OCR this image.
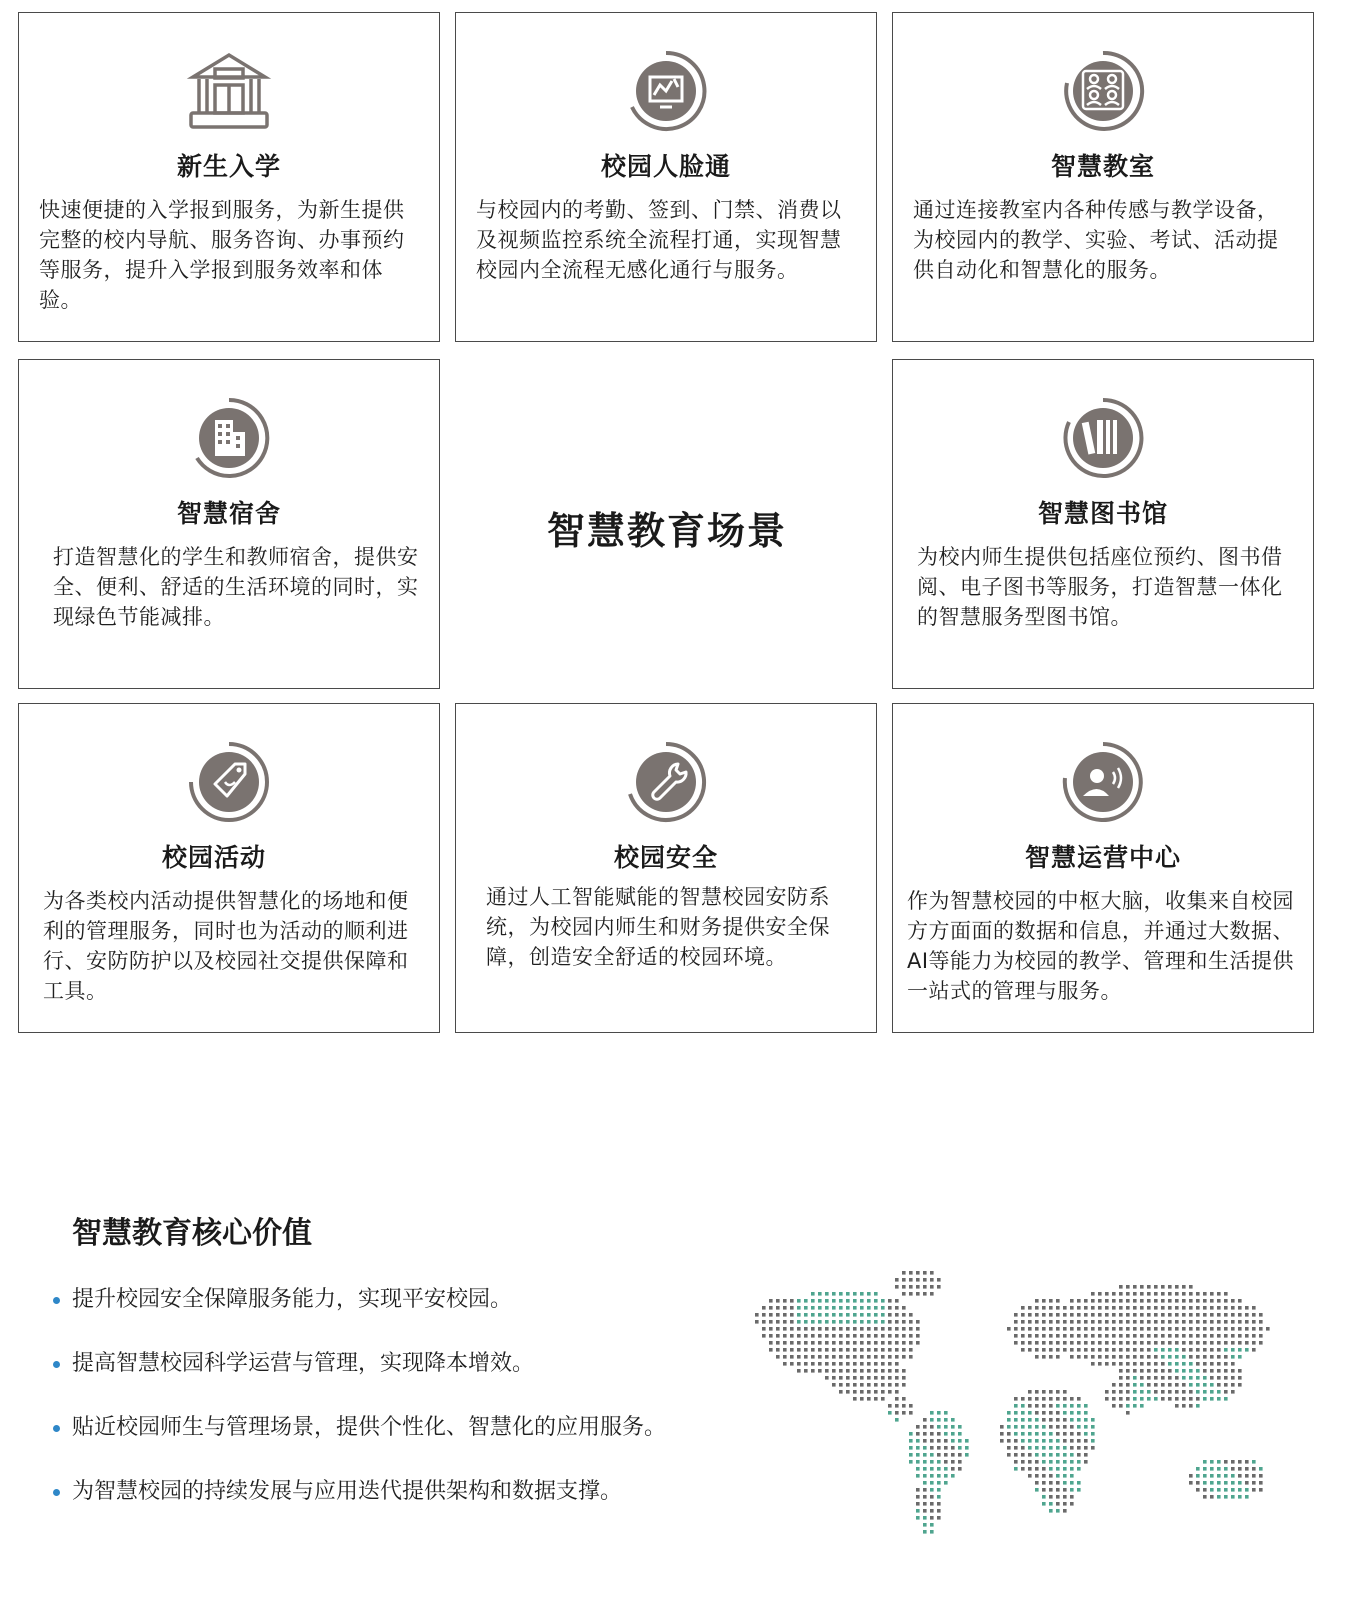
新生入学
快速便捷的入学报到服务，为新生提供完整的校内导航、服务咨询、办事预约等服务，提升入学报到服务效率和体验。
校园人脸通
与校园内的考勤、签到、门禁、消费以及视频监控系统全流程打通，实现智慧校园内全流程无感化通行与服务。
智慧教室
通过连接教室内各种传感与教学设备，为校园内的教学、实验、考试、活动提供自动化和智慧化的服务。
智慧宿舍
打造智慧化的学生和教师宿舍，提供安全、便利、舒适的生活环境的同时，实现绿色节能减排。
智慧教育场景	智慧图书馆
为校内师生提供包括座位预约、图书借阅、电子图书等服务，打造智慧一体化的智慧服务型图书馆。
校园活动
为各类校内活动提供智慧化的场地和便利的管理服务，同时也为活动的顺利进行、安防防护以及校园社交提供保障和工具。
校园安全
通过人工智能赋能的智慧校园安防系统，为校园内师生和财务提供安全保障，创造安全舒适的校园环境。
智慧运营中心
作为智慧校园的中枢大脑，收集来自校园方方面面的数据和信息，并通过大数据、AI等能力为校园的教学、管理和生活提供一站式的管理与服务。
智慧教育核心价值
提升校园安全保障服务能力，实现平安校园。
提高智慧校园科学运营与管理，实现降本增效。
贴近校园师生与管理场景，提供个性化、智慧化的应用服务。
为智慧校园的持续发展与应用迭代提供架构和数据支撑。
